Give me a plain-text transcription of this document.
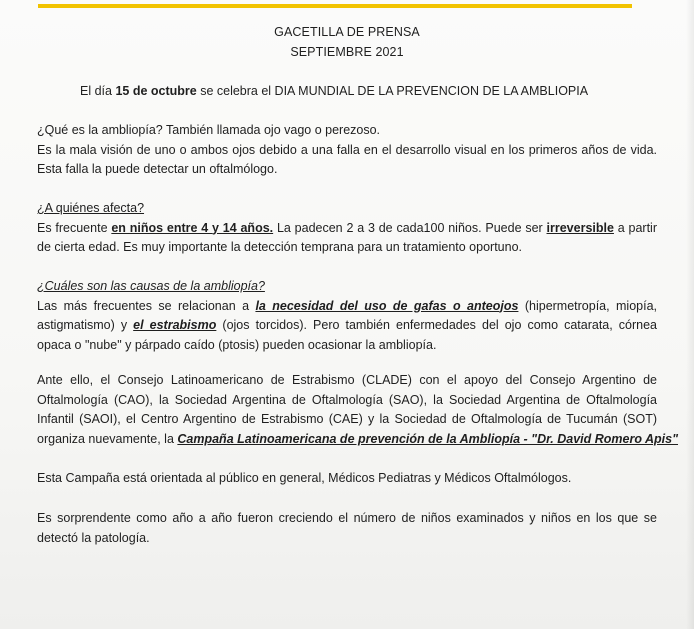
GACETILLA DE PRENSA
SEPTIEMBRE 2021
El día 15 de octubre se celebra el DIA MUNDIAL DE LA PREVENCION DE LA AMBLIOPIA
¿Qué es la ambliopía? También llamada ojo vago o perezoso.
Es la mala visión de uno o ambos ojos debido a una falla en el desarrollo visual en los primeros años de vida.
Esta falla la puede detectar un oftalmólogo.
¿A quiénes afecta?
Es frecuente en niños entre 4 y 14 años. La padecen 2 a 3 de cada100 niños. Puede ser irreversible a partir
de cierta edad. Es muy importante la detección temprana para un tratamiento oportuno.
¿Cuáles son las causas de la ambliopía?
Las más frecuentes se relacionan a la necesidad del uso de gafas o anteojos (hipermetropía, miopía,
astigmatismo) y el estrabismo (ojos torcidos). Pero también enfermedades del ojo como catarata, córnea
opaca o "nube" y párpado caído (ptosis) pueden ocasionar la ambliopía.
Ante ello, el Consejo Latinoamericano de Estrabismo (CLADE) con el apoyo del Consejo Argentino de
Oftalmología (CAO), la Sociedad Argentina de Oftalmología (SAO), la Sociedad Argentina de Oftalmología
Infantil (SAOI), el Centro Argentino de Estrabismo (CAE) y la Sociedad de Oftalmología de Tucumán (SOT)
organiza nuevamente, la Campaña Latinoamericana de prevención de la Ambliopía - "Dr. David Romero Apis"
Esta Campaña está orientada al público en general, Médicos Pediatras y Médicos Oftalmólogos.
Es sorprendente como año a año fueron creciendo el número de niños examinados y niños en los que se
detectó la patología.
